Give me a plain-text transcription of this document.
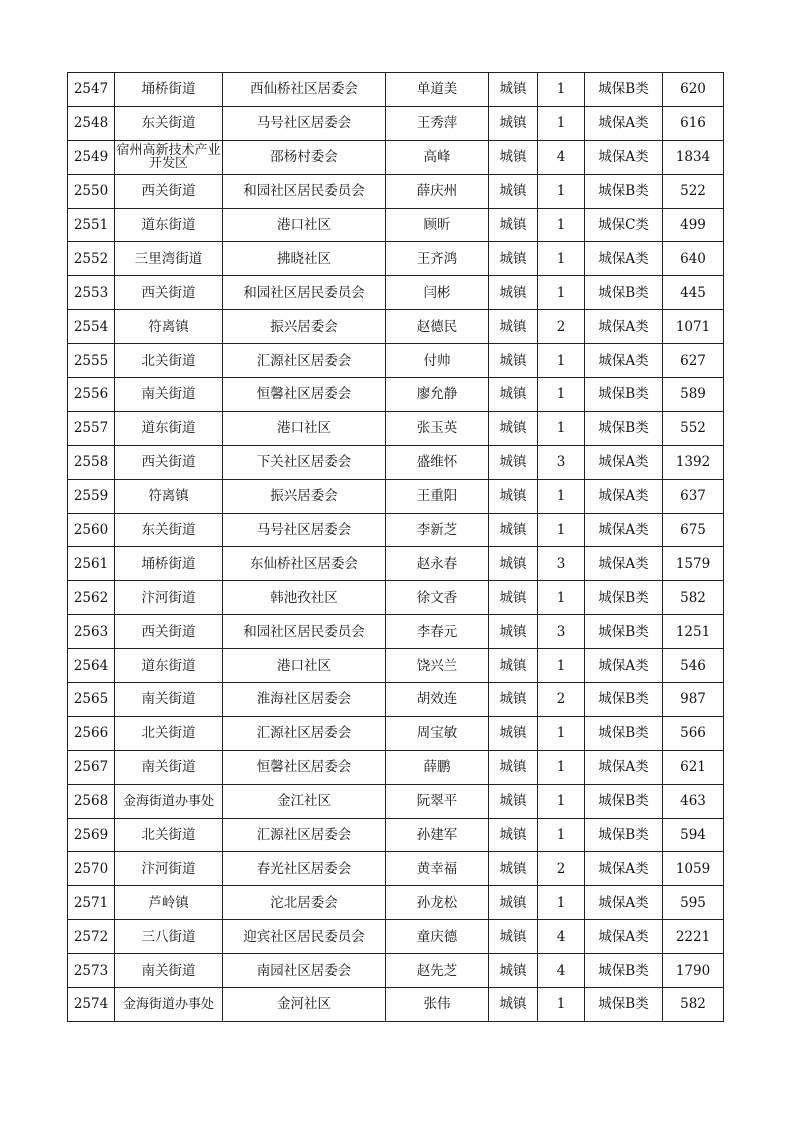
2547	埇桥街道	西仙桥社区居委会	单道美	城镇	1	城保B类	620
2548	东关街道	马号社区居委会	王秀萍	城镇	1	城保A类	616
2549	宿州高新技术产业开发区	邵杨村委会	高峰	城镇	4	城保A类	1834
2550	西关街道	和园社区居民委员会	薛庆州	城镇	1	城保B类	522
2551	道东街道	港口社区	顾昕	城镇	1	城保C类	499
2552	三里湾街道	拂晓社区	王齐鸿	城镇	1	城保A类	640
2553	西关街道	和园社区居民委员会	闫彬	城镇	1	城保B类	445
2554	符离镇	振兴居委会	赵德民	城镇	2	城保A类	1071
2555	北关街道	汇源社区居委会	付帅	城镇	1	城保A类	627
2556	南关街道	恒馨社区居委会	廖允静	城镇	1	城保B类	589
2557	道东街道	港口社区	张玉英	城镇	1	城保B类	552
2558	西关街道	下关社区居委会	盛维怀	城镇	3	城保A类	1392
2559	符离镇	振兴居委会	王重阳	城镇	1	城保A类	637
2560	东关街道	马号社区居委会	李新芝	城镇	1	城保A类	675
2561	埇桥街道	东仙桥社区居委会	赵永春	城镇	3	城保A类	1579
2562	汴河街道	韩池孜社区	徐文香	城镇	1	城保B类	582
2563	西关街道	和园社区居民委员会	李春元	城镇	3	城保B类	1251
2564	道东街道	港口社区	饶兴兰	城镇	1	城保A类	546
2565	南关街道	淮海社区居委会	胡效连	城镇	2	城保B类	987
2566	北关街道	汇源社区居委会	周宝敏	城镇	1	城保B类	566
2567	南关街道	恒馨社区居委会	薛鹏	城镇	1	城保A类	621
2568	金海街道办事处	金江社区	阮翠平	城镇	1	城保B类	463
2569	北关街道	汇源社区居委会	孙建军	城镇	1	城保B类	594
2570	汴河街道	春光社区居委会	黄幸福	城镇	2	城保A类	1059
2571	芦岭镇	沱北居委会	孙龙松	城镇	1	城保A类	595
2572	三八街道	迎宾社区居民委员会	童庆德	城镇	4	城保A类	2221
2573	南关街道	南园社区居委会	赵先芝	城镇	4	城保B类	1790
2574	金海街道办事处	金河社区	张伟	城镇	1	城保B类	582
